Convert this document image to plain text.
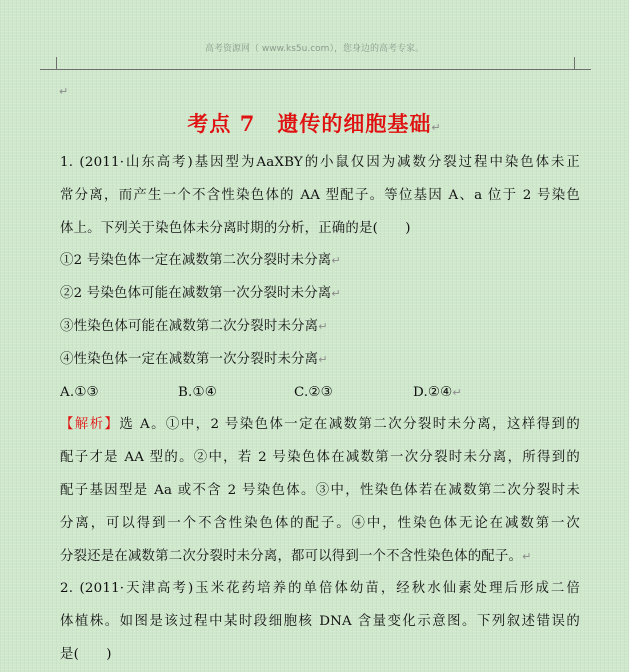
高考资源网（ www.ks5u.com），您身边的高考专家。
↵
考点 7　遗传的细胞基础↵
1. (2011·山东高考)基因型为AaXBY的小鼠仅因为减数分裂过程中染色体未正
常分离，而产生一个不含性染色体的 AA 型配子。等位基因 A、a 位于 2 号染色
体上。下列关于染色体未分离时期的分析，正确的是(　　)
①2 号染色体一定在减数第二次分裂时未分离↵
②2 号染色体可能在减数第一次分裂时未分离↵
③性染色体可能在减数第二次分裂时未分离↵
④性染色体一定在减数第一次分裂时未分离↵
A.①③	B.①④	C.②③	D.②④↵
【解析】选 A。①中，2 号染色体一定在减数第二次分裂时未分离，这样得到的
配子才是 AA 型的。②中，若 2 号染色体在减数第一次分裂时未分离，所得到的
配子基因型是 Aa 或不含 2 号染色体。③中，性染色体若在减数第二次分裂时未
分离，可以得到一个不含性染色体的配子。④中，性染色体无论在减数第一次
分裂还是在减数第二次分裂时未分离，都可以得到一个不含性染色体的配子。↵
2. (2011·天津高考)玉米花药培养的单倍体幼苗，经秋水仙素处理后形成二倍
体植株。如图是该过程中某时段细胞核 DNA 含量变化示意图。下列叙述错误的
是(　　)
